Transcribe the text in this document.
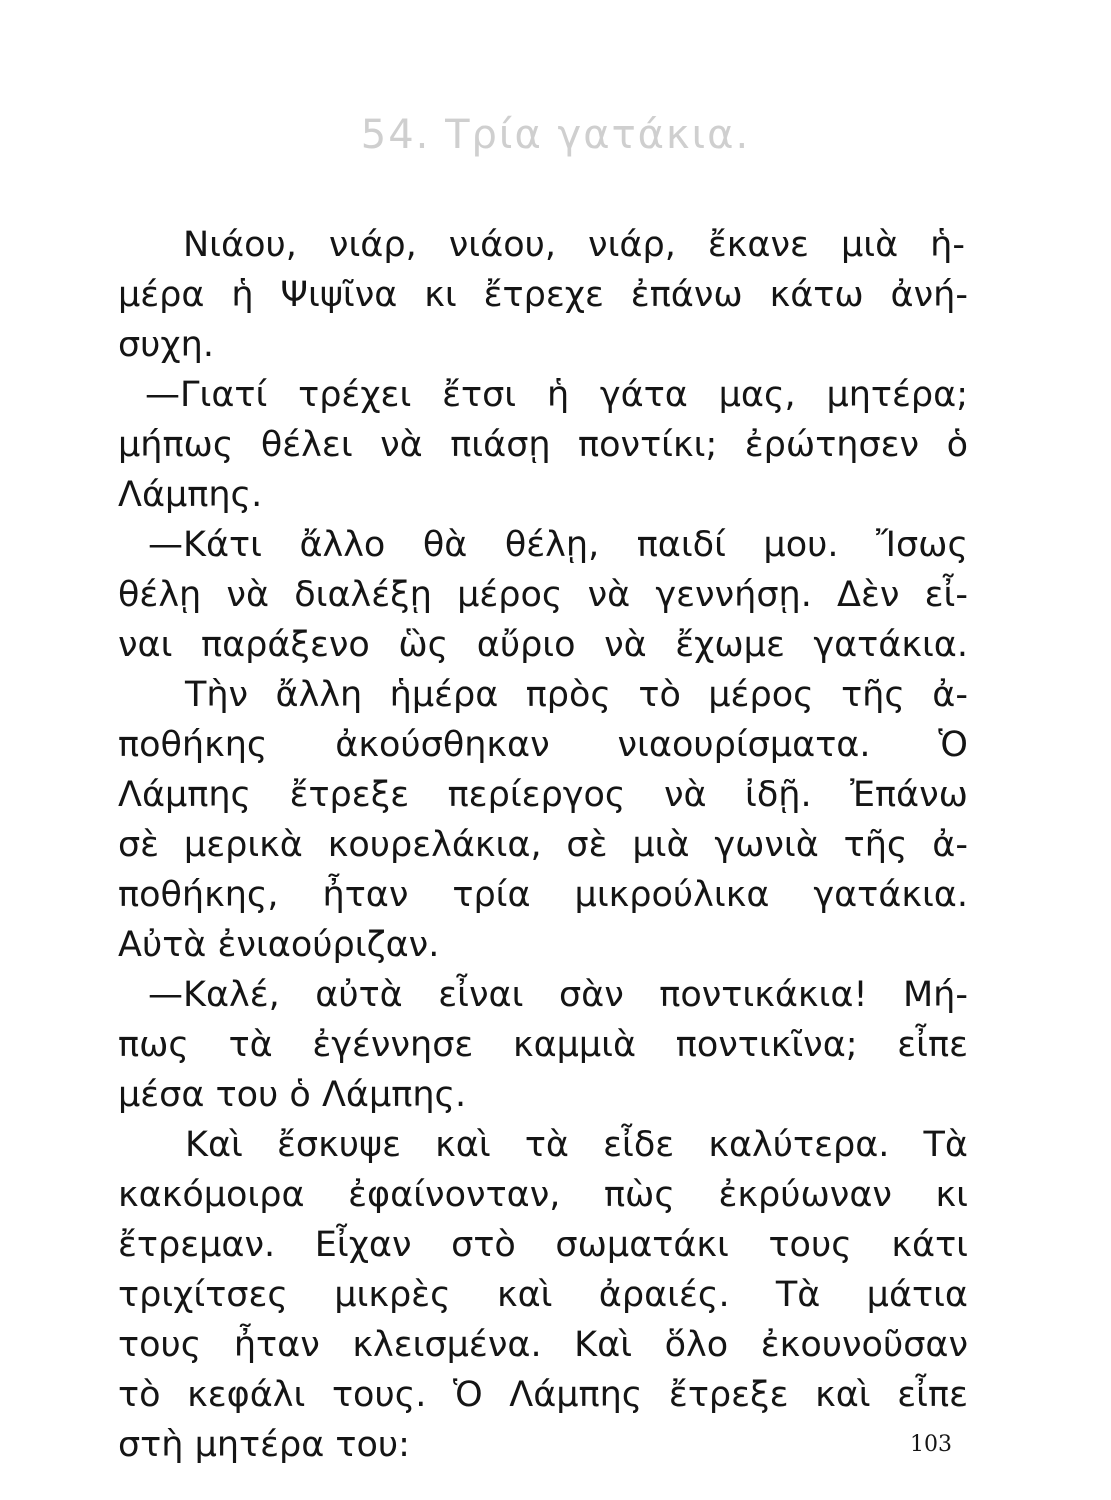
54. Τρία γατάκια.
Νιάου, νιάρ, νιάου, νιάρ, ἔκανε μιὰ ἡ-
μέρα ἡ Ψιψῖνα κι ἔτρεχε ἐπάνω κάτω ἀνή-
συχη.
—Γιατί τρέχει ἔτσι ἡ γάτα μας, μητέρα;
μήπως θέλει νὰ πιάσῃ ποντίκι; ἐρώτησεν ὁ
Λάμπης.
—Κάτι ἄλλο θὰ θέλῃ, παιδί μου. Ἴσως
θέλῃ νὰ διαλέξῃ μέρος νὰ γεννήσῃ. Δὲν εἶ-
ναι παράξενο ὣς αὔριο νὰ ἔχωμε γατάκια.
Τὴν ἄλλη ἡμέρα πρὸς τὸ μέρος τῆς ἀ-
ποθήκης ἀκούσθηκαν νιαουρίσματα. Ὁ
Λάμπης ἔτρεξε περίεργος νὰ ἰδῇ. Ἐπάνω
σὲ μερικὰ κουρελάκια, σὲ μιὰ γωνιὰ τῆς ἀ-
ποθήκης, ἦταν τρία μικρούλικα γατάκια.
Αὐτὰ ἐνιαούριζαν.
—Καλέ, αὐτὰ εἶναι σὰν ποντικάκια! Μή-
πως τὰ ἐγέννησε καμμιὰ ποντικῖνα; εἶπε
μέσα του ὁ Λάμπης.
Καὶ ἔσκυψε καὶ τὰ εἶδε καλύτερα. Τὰ
κακόμοιρα ἐφαίνονταν, πὼς ἐκρύωναν κι
ἔτρεμαν. Εἶχαν στὸ σωματάκι τους κάτι
τριχίτσες μικρὲς καὶ ἀραιές. Τὰ μάτια
τους ἦταν κλεισμένα. Καὶ ὅλο ἐκουνοῦσαν
τὸ κεφάλι τους. Ὁ Λάμπης ἔτρεξε καὶ εἶπε
στὴ μητέρα του:	103
